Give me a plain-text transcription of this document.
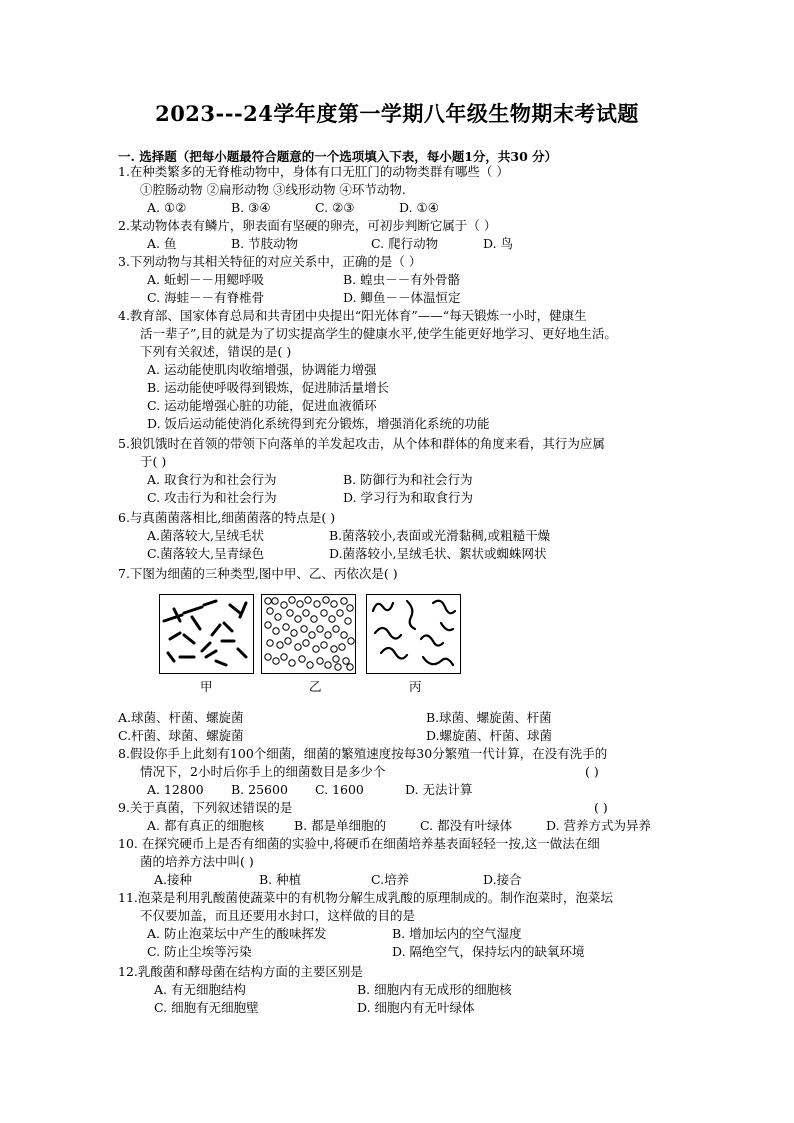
2023---24学年度第一学期八年级生物期末考试题
一. 选择题（把每小题最符合题意的一个选项填入下表，每小题1分，共30 分）
1.在种类繁多的无脊椎动物中，身体有口无肛门的动物类群有哪些（ ）
①腔肠动物 ②扁形动物 ③线形动物 ④环节动物.
A. ①②	B. ③④	C. ②③	D. ①④
2.某动物体表有鳞片，卵表面有坚硬的卵壳，可初步判断它属于（ ）
A. 鱼	B. 节肢动物	C. 爬行动物	D. 鸟
3.下列动物与其相关特征的对应关系中，正确的是（ ）
A. 蚯蚓－－用鳃呼吸	B. 蝗虫－－有外骨骼
C. 海蛙－－有脊椎骨	D. 鲫鱼－－体温恒定
4.教育部、国家体育总局和共青团中央提出“阳光体育”——“每天锻炼一小时，健康生
活一辈子”,目的就是为了切实提高学生的健康水平,使学生能更好地学习、更好地生活。
下列有关叙述，错误的是( )
A. 运动能使肌肉收缩增强，协调能力增强
B. 运动能使呼吸得到锻炼，促进肺活量增长
C. 运动能增强心脏的功能，促进血液循环
D. 饭后运动能使消化系统得到充分锻炼，增强消化系统的功能
5.狼饥饿时在首领的带领下向落单的羊发起攻击，从个体和群体的角度来看，其行为应属
于( )
A. 取食行为和社会行为	B. 防御行为和社会行为
C. 攻击行为和社会行为	D. 学习行为和取食行为
6.与真菌菌落相比,细菌菌落的特点是( )
A.菌落较大,呈绒毛状	B.菌落较小,表面或光滑黏稠,或粗糙干燥
C.菌落较大,呈青绿色	D.菌落较小,呈绒毛状、絮状或蜘蛛网状
7.下图为细菌的三种类型,图中甲、乙、丙依次是( )
甲	乙	丙
A.球菌、杆菌、螺旋菌	B.球菌、螺旋菌、杆菌
C.杆菌、球菌、螺旋菌	D.螺旋菌、杆菌、球菌
8.假设你手上此刻有100个细菌，细菌的繁殖速度按每30分繁殖一代计算，在没有洗手的
情况下，2小时后你手上的细菌数目是多少个	( )
A. 12800 B. 25600 C. 1600	D. 无法计算
9.关于真菌，下列叙述错误的是	( )
A. 都有真正的细胞核 B. 都是单细胞的	C. 都没有叶绿体	D. 营养方式为异养
10. 在探究硬币上是否有细菌的实验中,将硬币在细菌培养基表面轻轻一按,这一做法在细
菌的培养方法中叫( )
A.接种	B. 种植	C.培养	D.接合
11.泡菜是利用乳酸菌使蔬菜中的有机物分解生成乳酸的原理制成的。制作泡菜时，泡菜坛
不仅要加盖，而且还要用水封口，这样做的目的是
A. 防止泡菜坛中产生的酸味挥发	B. 增加坛内的空气湿度
C. 防止尘埃等污染	D. 隔绝空气，保持坛内的缺氧环境
12.乳酸菌和酵母菌在结构方面的主要区别是
A. 有无细胞结构	B. 细胞内有无成形的细胞核
C. 细胞有无细胞壁	D. 细胞内有无叶绿体
